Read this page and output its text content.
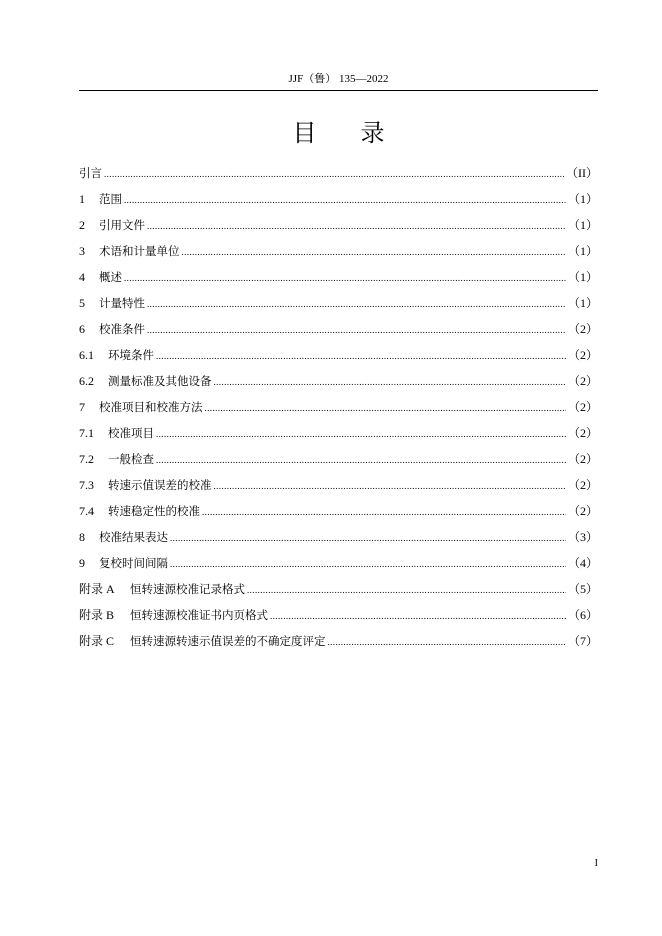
JJF（鲁） 135—2022
目录
引言 .....	（II）
1	范围 .....	（1）
2	引用文件 .....	（1）
3	术语和计量单位 .....	（1）
4	概述 .....	（1）
5	计量特性 .....	（1）
6	校准条件 .....	（2）
6.1	环境条件 .....	（2）
6.2	测量标准及其他设备 .....	（2）
7	校准项目和校准方法 .....	（2）
7.1	校准项目 .....	（2）
7.2	一般检查 .....	（2）
7.3	转速示值误差的校准 .....	（2）
7.4	转速稳定性的校准 .....	（2）
8	校准结果表达 .....	（3）
9	复校时间间隔 .....	（4）
附录 A	恒转速源校准记录格式 .....	（5）
附录 B	恒转速源校准证书内页格式 .....	（6）
附录 C	恒转速源转速示值误差的不确定度评定 .....	（7）
I
